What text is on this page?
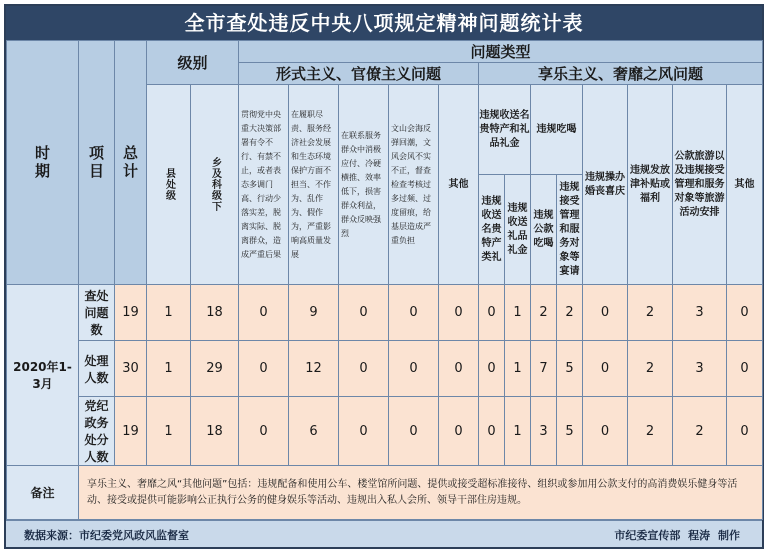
全市查处违反中央八项规定精神问题统计表
时期	项目	总计	级别		问题类型												
					形式主义、官僚主义问题					享乐主义、奢靡之风问题							

			县处级	乡及科级下	贯彻党中央重大决策部署有令不行、有禁不止，或者表态多调门高、行动少落实差，脱离实际、脱离群众，造成严重后果	在履职尽责、服务经济社会发展和生态环境保护方面不担当、不作为、乱作为、假作为，严重影响高质量发展	在联系服务群众中消极应付、冷硬横推、效率低下，损害群众利益，群众反映强烈	文山会海反弹回潮，文风会风不实不正，督查检查考核过多过频、过度留痕，给基层造成严重负担	其他	违规收送名贵特产和礼品礼金		违规吃喝		违规操办婚丧喜庆	违规发放津补贴或福利	公款旅游以及违规接受管理和服务对象等旅游活动安排	其他
										违规收送名贵特产类礼	违规收送礼品礼金	违规公款吃喝	违规接受管理和服务对象等宴请				

2020年1-3月	查处问题数	19	1	18	0	9	0	0	0	0	1	2	2	0	2	3	0
	处理人数	30	1	29	0	12	0	0	0	0	1	7	5	0	2	3	0
	党纪政务处分人数	19	1	18	0	6	0	0	0	0	1	3	5	0	2	2	0
备注	享乐主义、奢靡之风“其他问题”包括：违规配备和使用公车、楼堂馆所问题、提供或接受超标准接待、组织或参加用公款支付的高消费娱乐健身等活动、接受或提供可能影响公正执行公务的健身娱乐等活动、违规出入私人会所、领导干部住房违规。																
数据来源：市纪委党风政风监督室	市纪委宣传部 程涛 制作
